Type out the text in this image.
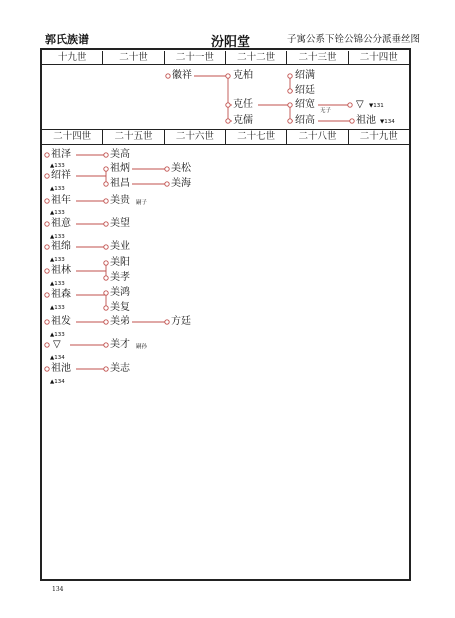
郭氏族谱	汾阳堂	子寓公系下铨公锦公分派垂丝图
十九世	二十世	二十一世	二十二世	二十三世	二十四世
二十四世	二十五世	二十六世	二十七世	二十八世	二十九世
徽祥	克柏
克任
克儒
绍满
绍廷
绍宽
无子
绍高
▽ ▼131
祖池 ▼134
祖泽
▲133
美高
绍祥
▲133
祖炳	美松
祖昌	美海
祖年
▲133
美贵 嗣子
祖意
▲133
美望
祖绵
▲133
美业
祖林
▲133
美阳
美孝
祖森
▲133
美鸿
美复
祖发
▲133
美弟	方廷
▽
▲134
美才 嗣孙
祖池
▲134
美志
134
